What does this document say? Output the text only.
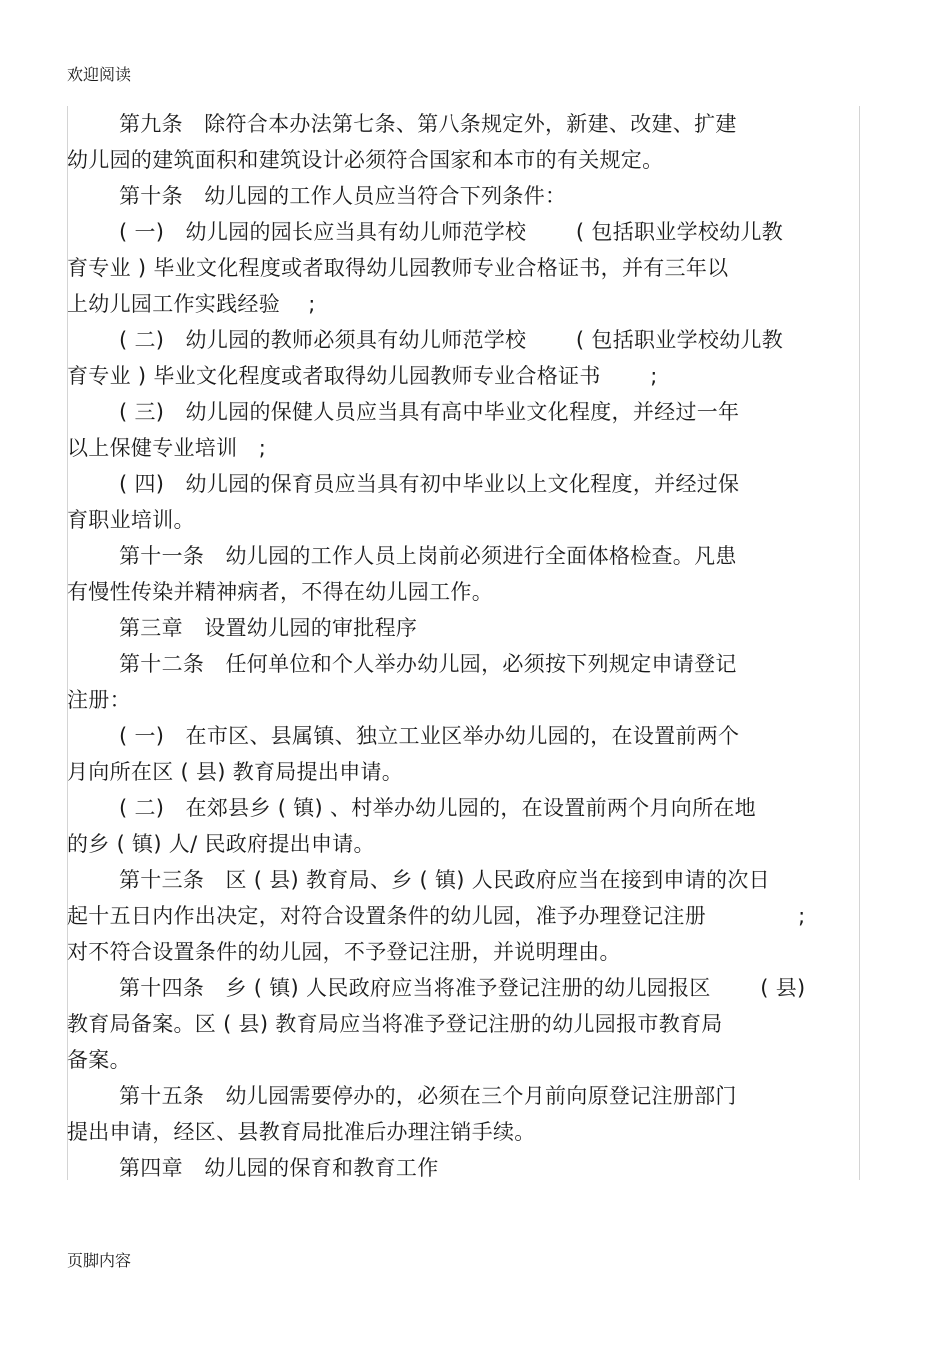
欢迎阅读
第九条　除符合本办法第七条、第八条规定外，新建、改建、扩建
幼儿园的建筑面积和建筑设计必须符合国家和本市的有关规定。
第十条　幼儿园的工作人员应当符合下列条件：
( 一)　幼儿园的园长应当具有幼儿师范学校　　 ( 包括职业学校幼儿教
育专业 ) 毕业文化程度或者取得幼儿园教师专业合格证书，并有三年以
上幼儿园工作实践经验　 ;
( 二)　幼儿园的教师必须具有幼儿师范学校　　 ( 包括职业学校幼儿教
育专业 ) 毕业文化程度或者取得幼儿园教师专业合格证书　　 ;
( 三)　幼儿园的保健人员应当具有高中毕业文化程度，并经过一年
以上保健专业培训　;
( 四)　幼儿园的保育员应当具有初中毕业以上文化程度，并经过保
育职业培训。
第十一条　幼儿园的工作人员上岗前必须进行全面体格检查。凡患
有慢性传染并精神病者，不得在幼儿园工作。
第三章　设置幼儿园的审批程序
第十二条　任何单位和个人举办幼儿园，必须按下列规定申请登记
注册：
( 一)　在市区、县属镇、独立工业区举办幼儿园的，在设置前两个
月向所在区 ( 县) 教育局提出申请。
( 二)　在郊县乡 ( 镇) 、村举办幼儿园的，在设置前两个月向所在地
的乡 ( 镇) 人/ 民政府提出申请。
第十三条　区 ( 县) 教育局、乡 ( 镇) 人民政府应当在接到申请的次日
起十五日内作出决定，对符合设置条件的幼儿园，准予办理登记注册　　　　 ;
对不符合设置条件的幼儿园，不予登记注册，并说明理由。
第十四条　乡 ( 镇) 人民政府应当将准予登记注册的幼儿园报区　　 ( 县)
教育局备案。区 ( 县) 教育局应当将准予登记注册的幼儿园报市教育局
备案。
第十五条　幼儿园需要停办的，必须在三个月前向原登记注册部门
提出申请，经区、县教育局批准后办理注销手续。
第四章　幼儿园的保育和教育工作
页脚内容
